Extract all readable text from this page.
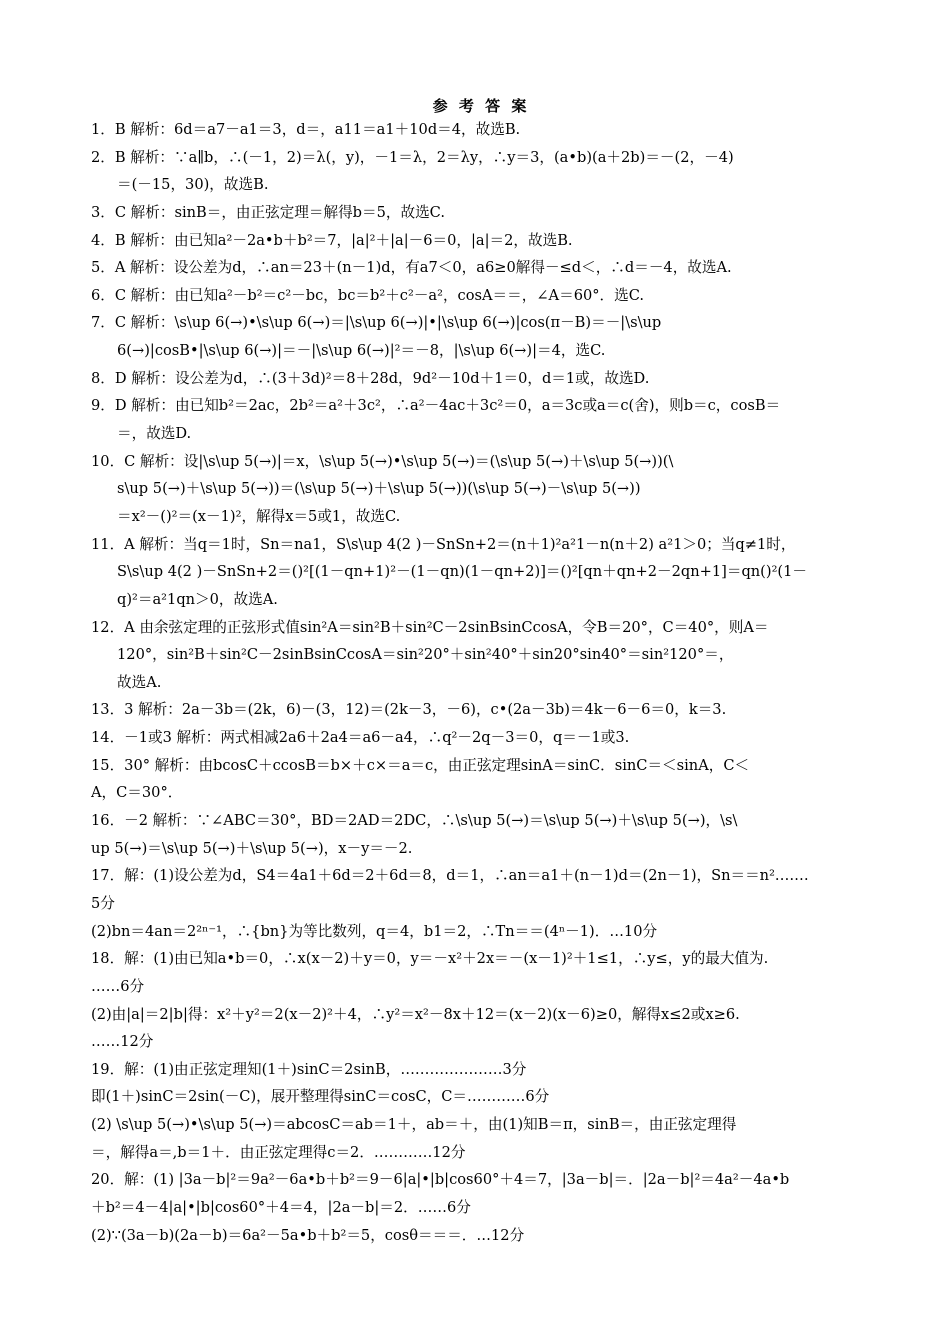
参 考 答 案
1．B 解析：6d＝a7－a1＝3，d＝，a11＝a1＋10d＝4，故选B.
2．B 解析：∵a∥b，∴(－1，2)＝λ(，y)，－1＝λ，2＝λy，∴y＝3，(a•b)(a＋2b)＝－(2，－4)
＝(－15，30)，故选B.
3．C 解析：sinB＝，由正弦定理＝解得b＝5，故选C.
4．B 解析：由已知a²－2a•b＋b²＝7，|a|²＋|a|－6＝0，|a|＝2，故选B.
5．A 解析：设公差为d，∴an＝23＋(n－1)d，有a7＜0，a6≥0解得－≤d＜，∴d＝－4，故选A.
6．C 解析：由已知a²－b²＝c²－bc，bc＝b²＋c²－a²，cosA＝＝，∠A＝60°．选C.
7．C 解析：\s\up 6(→)•\s\up 6(→)＝|\s\up 6(→)|•|\s\up 6(→)|cos(π－B)＝－|\s\up
6(→)|cosB•|\s\up 6(→)|＝－|\s\up 6(→)|²＝－8，|\s\up 6(→)|＝4，选C.
8．D 解析：设公差为d，∴(3＋3d)²＝8＋28d，9d²－10d＋1＝0，d＝1或，故选D.
9．D 解析：由已知b²＝2ac，2b²＝a²＋3c²，∴a²－4ac＋3c²＝0，a＝3c或a＝c(舍)，则b＝c，cosB＝
＝，故选D.
10．C 解析：设|\s\up 5(→)|＝x，\s\up 5(→)•\s\up 5(→)＝(\s\up 5(→)＋\s\up 5(→))(\
s\up 5(→)＋\s\up 5(→))＝(\s\up 5(→)＋\s\up 5(→))(\s\up 5(→)－\s\up 5(→))
＝x²－()²＝(x－1)²，解得x＝5或1，故选C.
11．A 解析：当q＝1时，Sn＝na1，S\s\up 4(2 )－SnSn+2＝(n＋1)²a²1－n(n＋2) a²1＞0；当q≠1时，
S\s\up 4(2 )－SnSn+2＝()²[(1－qn+1)²－(1－qn)(1－qn+2)]＝()²[qn＋qn+2－2qn+1]＝qn()²(1－
q)²＝a²1qn＞0，故选A.
12．A 由余弦定理的正弦形式值sin²A＝sin²B＋sin²C－2sinBsinCcosA，令B＝20°，C＝40°，则A＝
120°，sin²B＋sin²C－2sinBsinCcosA＝sin²20°＋sin²40°＋sin20°sin40°＝sin²120°＝，
故选A.
13．3 解析：2a－3b＝(2k，6)－(3，12)＝(2k－3，－6)，c•(2a－3b)＝4k－6－6＝0，k＝3.
14．－1或3 解析：两式相减2a6＋2a4＝a6－a4，∴q²－2q－3＝0，q＝－1或3.
15．30° 解析：由bcosC＋ccosB＝b×＋c×＝a＝c，由正弦定理sinA＝sinC．sinC＝＜sinA，C＜
A，C＝30°．
16．－2 解析：∵∠ABC＝30°，BD＝2AD＝2DC，∴\s\up 5(→)＝\s\up 5(→)＋\s\up 5(→)，\s\
up 5(→)＝\s\up 5(→)＋\s\up 5(→)，x－y＝－2.
17．解：(1)设公差为d，S4＝4a1＋6d＝2＋6d＝8，d＝1，∴an＝a1＋(n－1)d＝(2n－1)，Sn＝＝n².……
5分
(2)bn＝4an＝2²ⁿ⁻¹，∴{bn}为等比数列，q＝4，b1＝2，∴Tn＝＝(4ⁿ－1)．…10分
18．解：(1)由已知a•b＝0，∴x(x－2)＋y＝0，y＝－x²＋2x＝－(x－1)²＋1≤1，∴y≤，y的最大值为.
……6分
(2)由|a|＝2|b|得：x²＋y²＝2(x－2)²＋4，∴y²＝x²－8x＋12＝(x－2)(x－6)≥0，解得x≤2或x≥6.
……12分
19．解：(1)由正弦定理知(1＋)sinC＝2sinB，…………………3分
即(1＋)sinC＝2sin(－C)，展开整理得sinC＝cosC，C＝…………6分
(2) \s\up 5(→)•\s\up 5(→)＝abcosC＝ab＝1＋，ab＝＋，由(1)知B＝π，sinB＝，由正弦定理得
＝，解得a＝,b＝1＋．由正弦定理得c＝2．…………12分
20．解：(1) |3a－b|²＝9a²－6a•b＋b²＝9－6|a|•|b|cos60°＋4＝7，|3a－b|＝．|2a－b|²＝4a²－4a•b
＋b²＝4－4|a|•|b|cos60°＋4＝4，|2a－b|＝2．……6分
(2)∵(3a－b)(2a－b)＝6a²－5a•b＋b²＝5，cosθ＝＝＝．…12分
